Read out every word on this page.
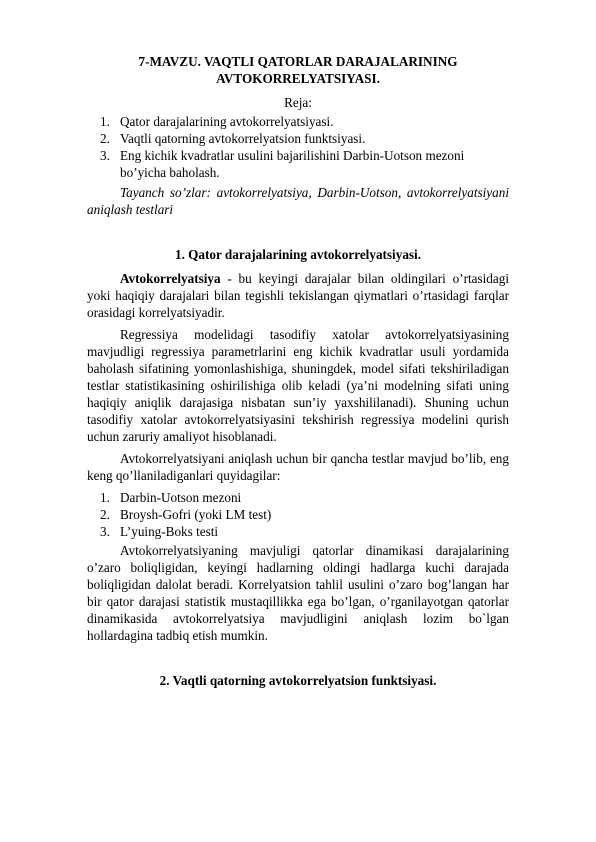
7-MAVZU. VAQTLI QATORLAR DARAJALARINING
AVTOKORRELYATSIYASI.
Reja:
1. Qator darajalarining avtokorrelyatsiyasi.
2. Vaqtli qatorning avtokorrelyatsion funktsiyasi.
3. Eng kichik kvadratlar usulini bajarilishini Darbin-Uotson mezoni bo’yicha baholash.

Tayanch so’zlar: avtokorrelyatsiya, Darbin-Uotson, avtokorrelyatsiyani aniqlash testlari

1. Qator darajalarining avtokorrelyatsiyasi.

Avtokorrelyatsiya - bu keyingi darajalar bilan oldingilari o’rtasidagi yoki haqiqiy darajalari bilan tegishli tekislangan qiymatlari o’rtasidagi farqlar orasidagi korrelyatsiyadir.

Regressiya modelidagi tasodifiy xatolar avtokorrelyatsiyasining mavjudligi regressiya parametrlarini eng kichik kvadratlar usuli yordamida baholash sifatining yomonlashishiga, shuningdek, model sifati tekshiriladigan testlar statistikasining oshirilishiga olib keladi (ya’ni modelning sifati uning haqiqiy aniqlik darajasiga nisbatan sun’iy yaxshililanadi). Shuning uchun tasodifiy xatolar avtokorrelyatsiyasini tekshirish regressiya modelini qurish uchun zaruriy amaliyot hisoblanadi.

Avtokorrelyatsiyani aniqlash uchun bir qancha testlar mavjud bo’lib, eng keng qo’llaniladiganlari quyidagilar:

1. Darbin-Uotson mezoni
2. Broysh-Gofri (yoki LM test)
3. L’yuing-Boks testi

Avtokorrelyatsiyaning mavjuligi qatorlar dinamikasi darajalarining o’zaro boliqligidan, keyingi hadlarning oldingi hadlarga kuchi darajada boliqligidan dalolat beradi. Korrelyatsion tahlil usulini o’zaro bog’langan har bir qator darajasi statistik mustaqillikka ega bo’lgan, o’rganilayotgan qatorlar dinamikasida avtokorrelyatsiya mavjudligini aniqlash lozim bo`lgan hollardagina tadbiq etish mumkin.

2. Vaqtli qatorning avtokorrelyatsion funktsiyasi.
